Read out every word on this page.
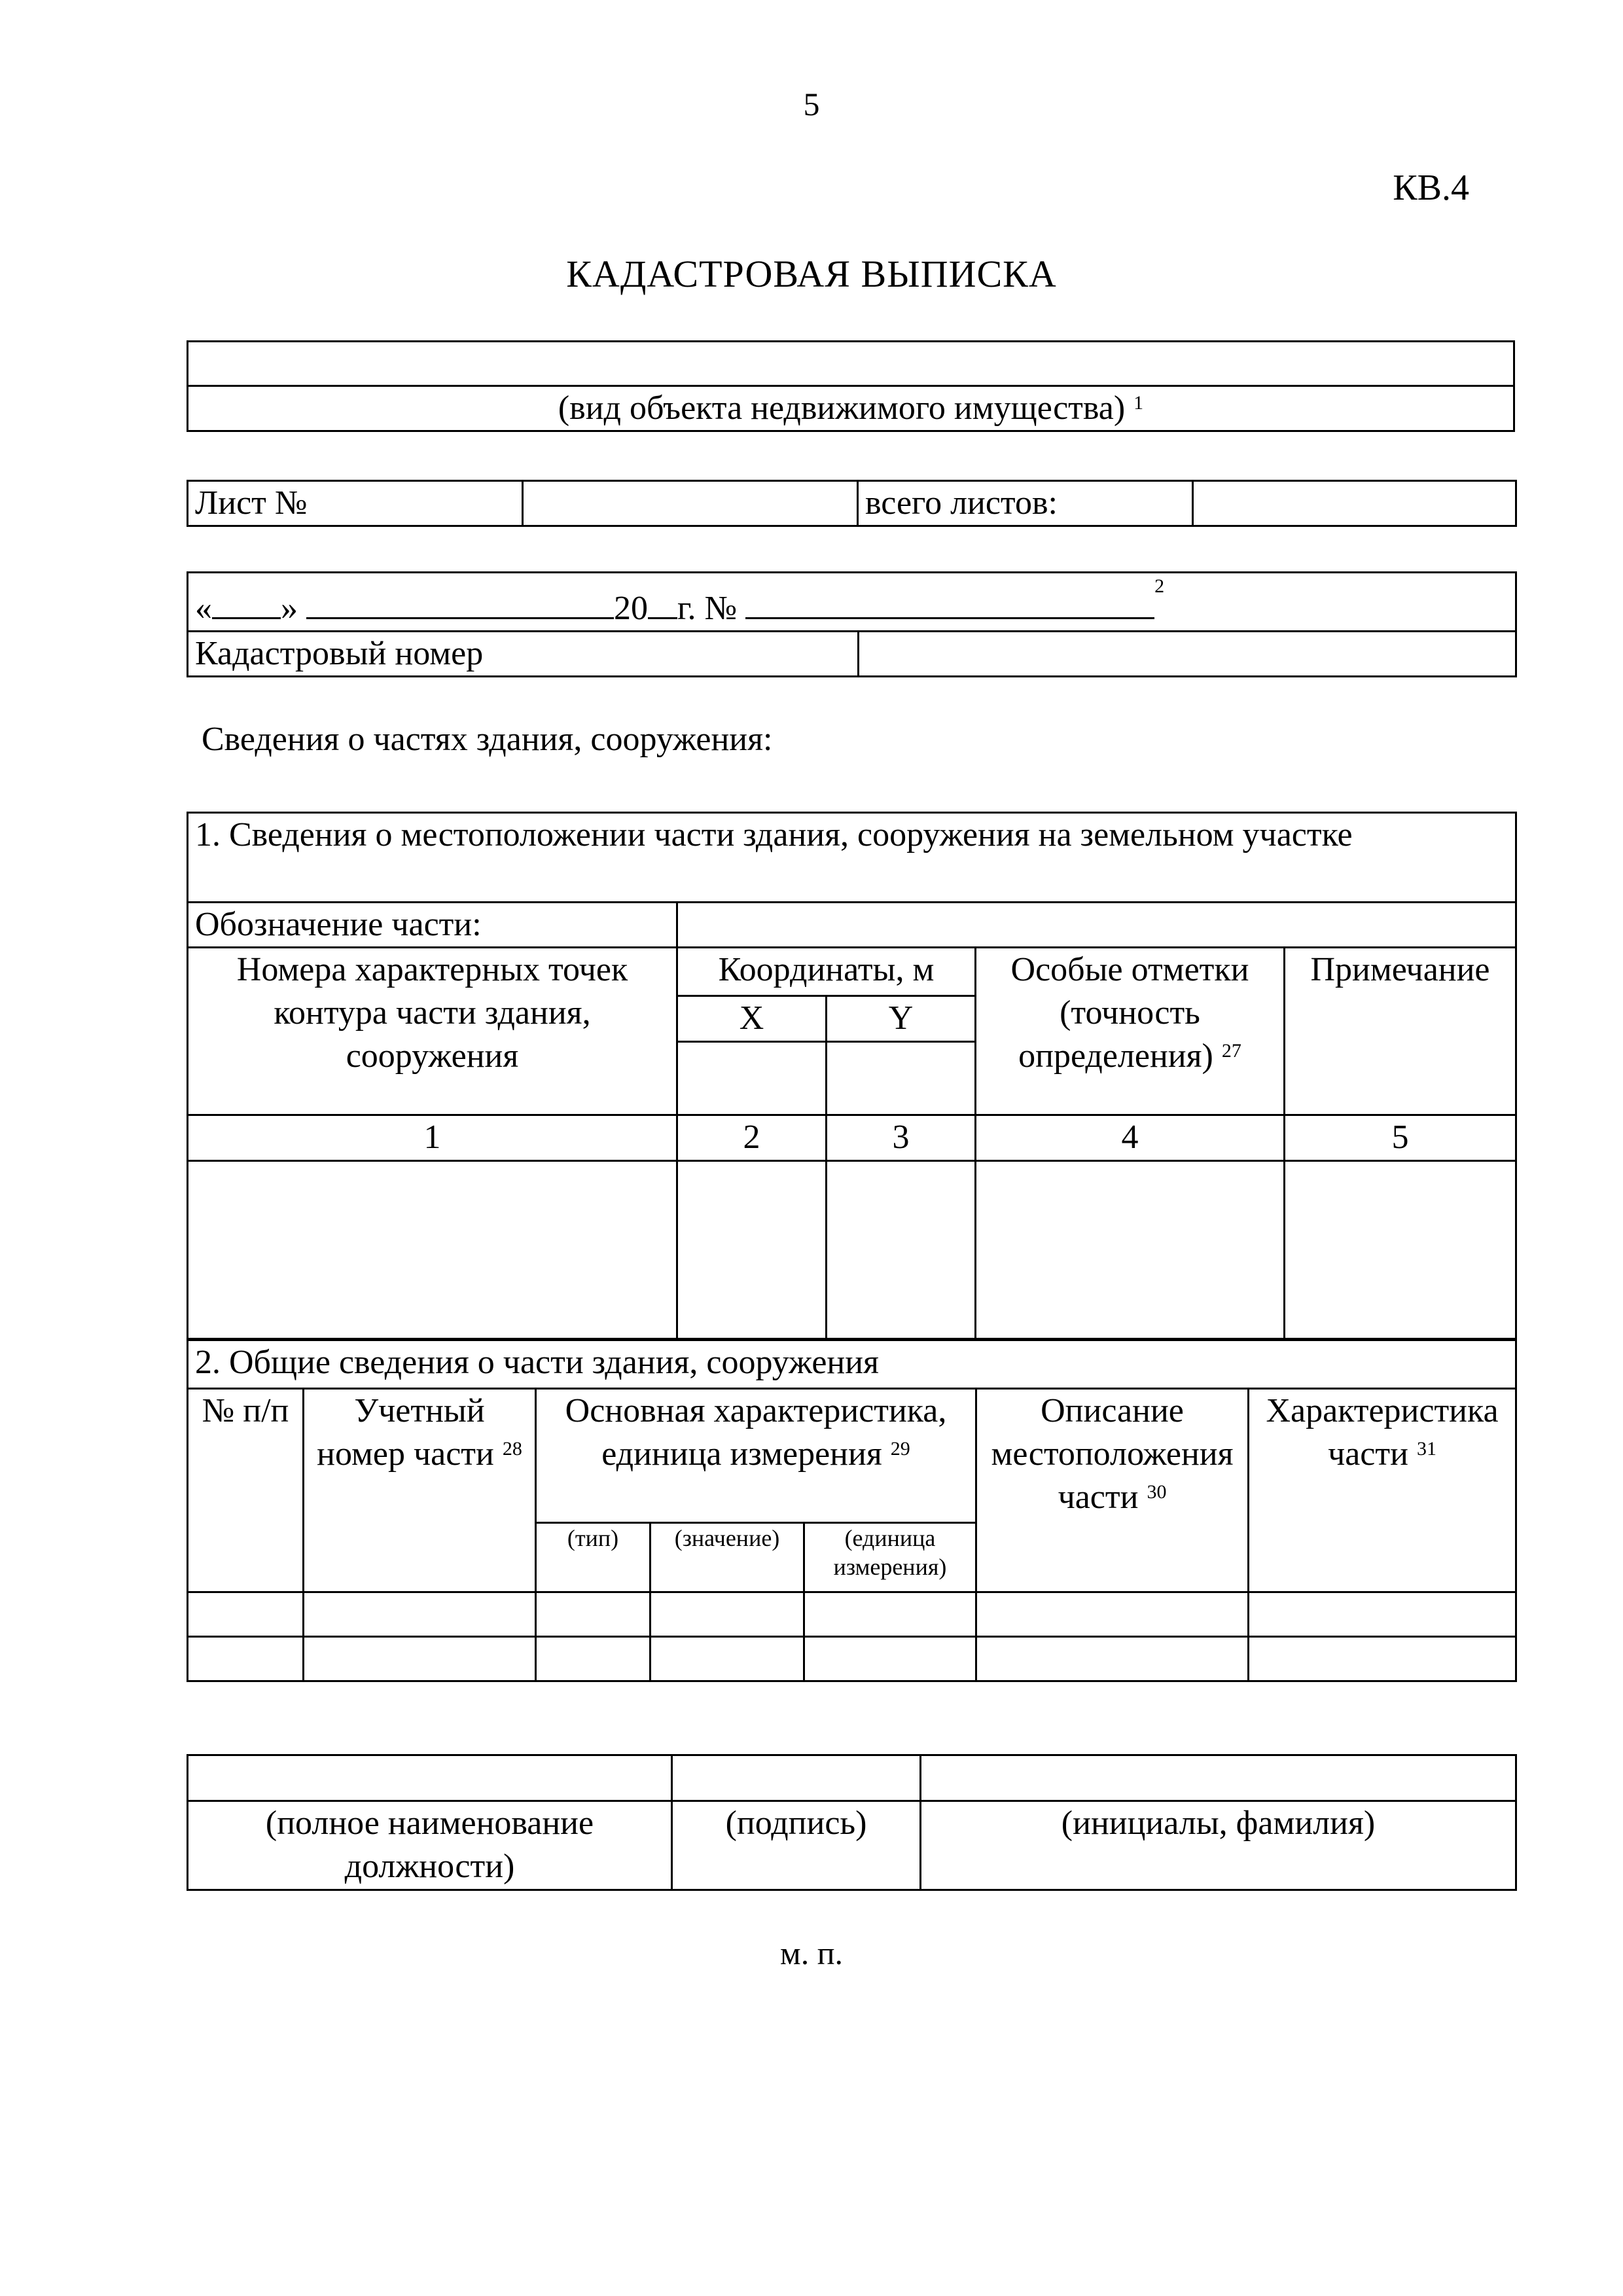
5
КВ.4
КАДАСТРОВАЯ ВЫПИСКА

(вид объекта недвижимого имущества) $^1$
Лист №		всего листов:	
« »	20 г. № $^2$
Кадастровый номер	
Сведения о частях здания, сооружения:
1. Сведения о местоположении части здания, сооружения на земельном участке				
Обозначение части:				
Номера характерных точек контура части здания, сооружения	Координаты, м		Особые отметки (точность определения) $^{27}$	Примечание
	X	Y		

1	2	3	4	5

2. Общие сведения о части здания, сооружения						
№ п/п	Учетный номер части $^{28}$	Основная характеристика, единица измерения $^{29}$			Описание местоположения части $^{30}$	Характеристика части $^{31}$
		(тип)	(значение)	(единица измерения)		

(полное наименование должности)	(подпись)	(инициалы, фамилия)
м. п.
